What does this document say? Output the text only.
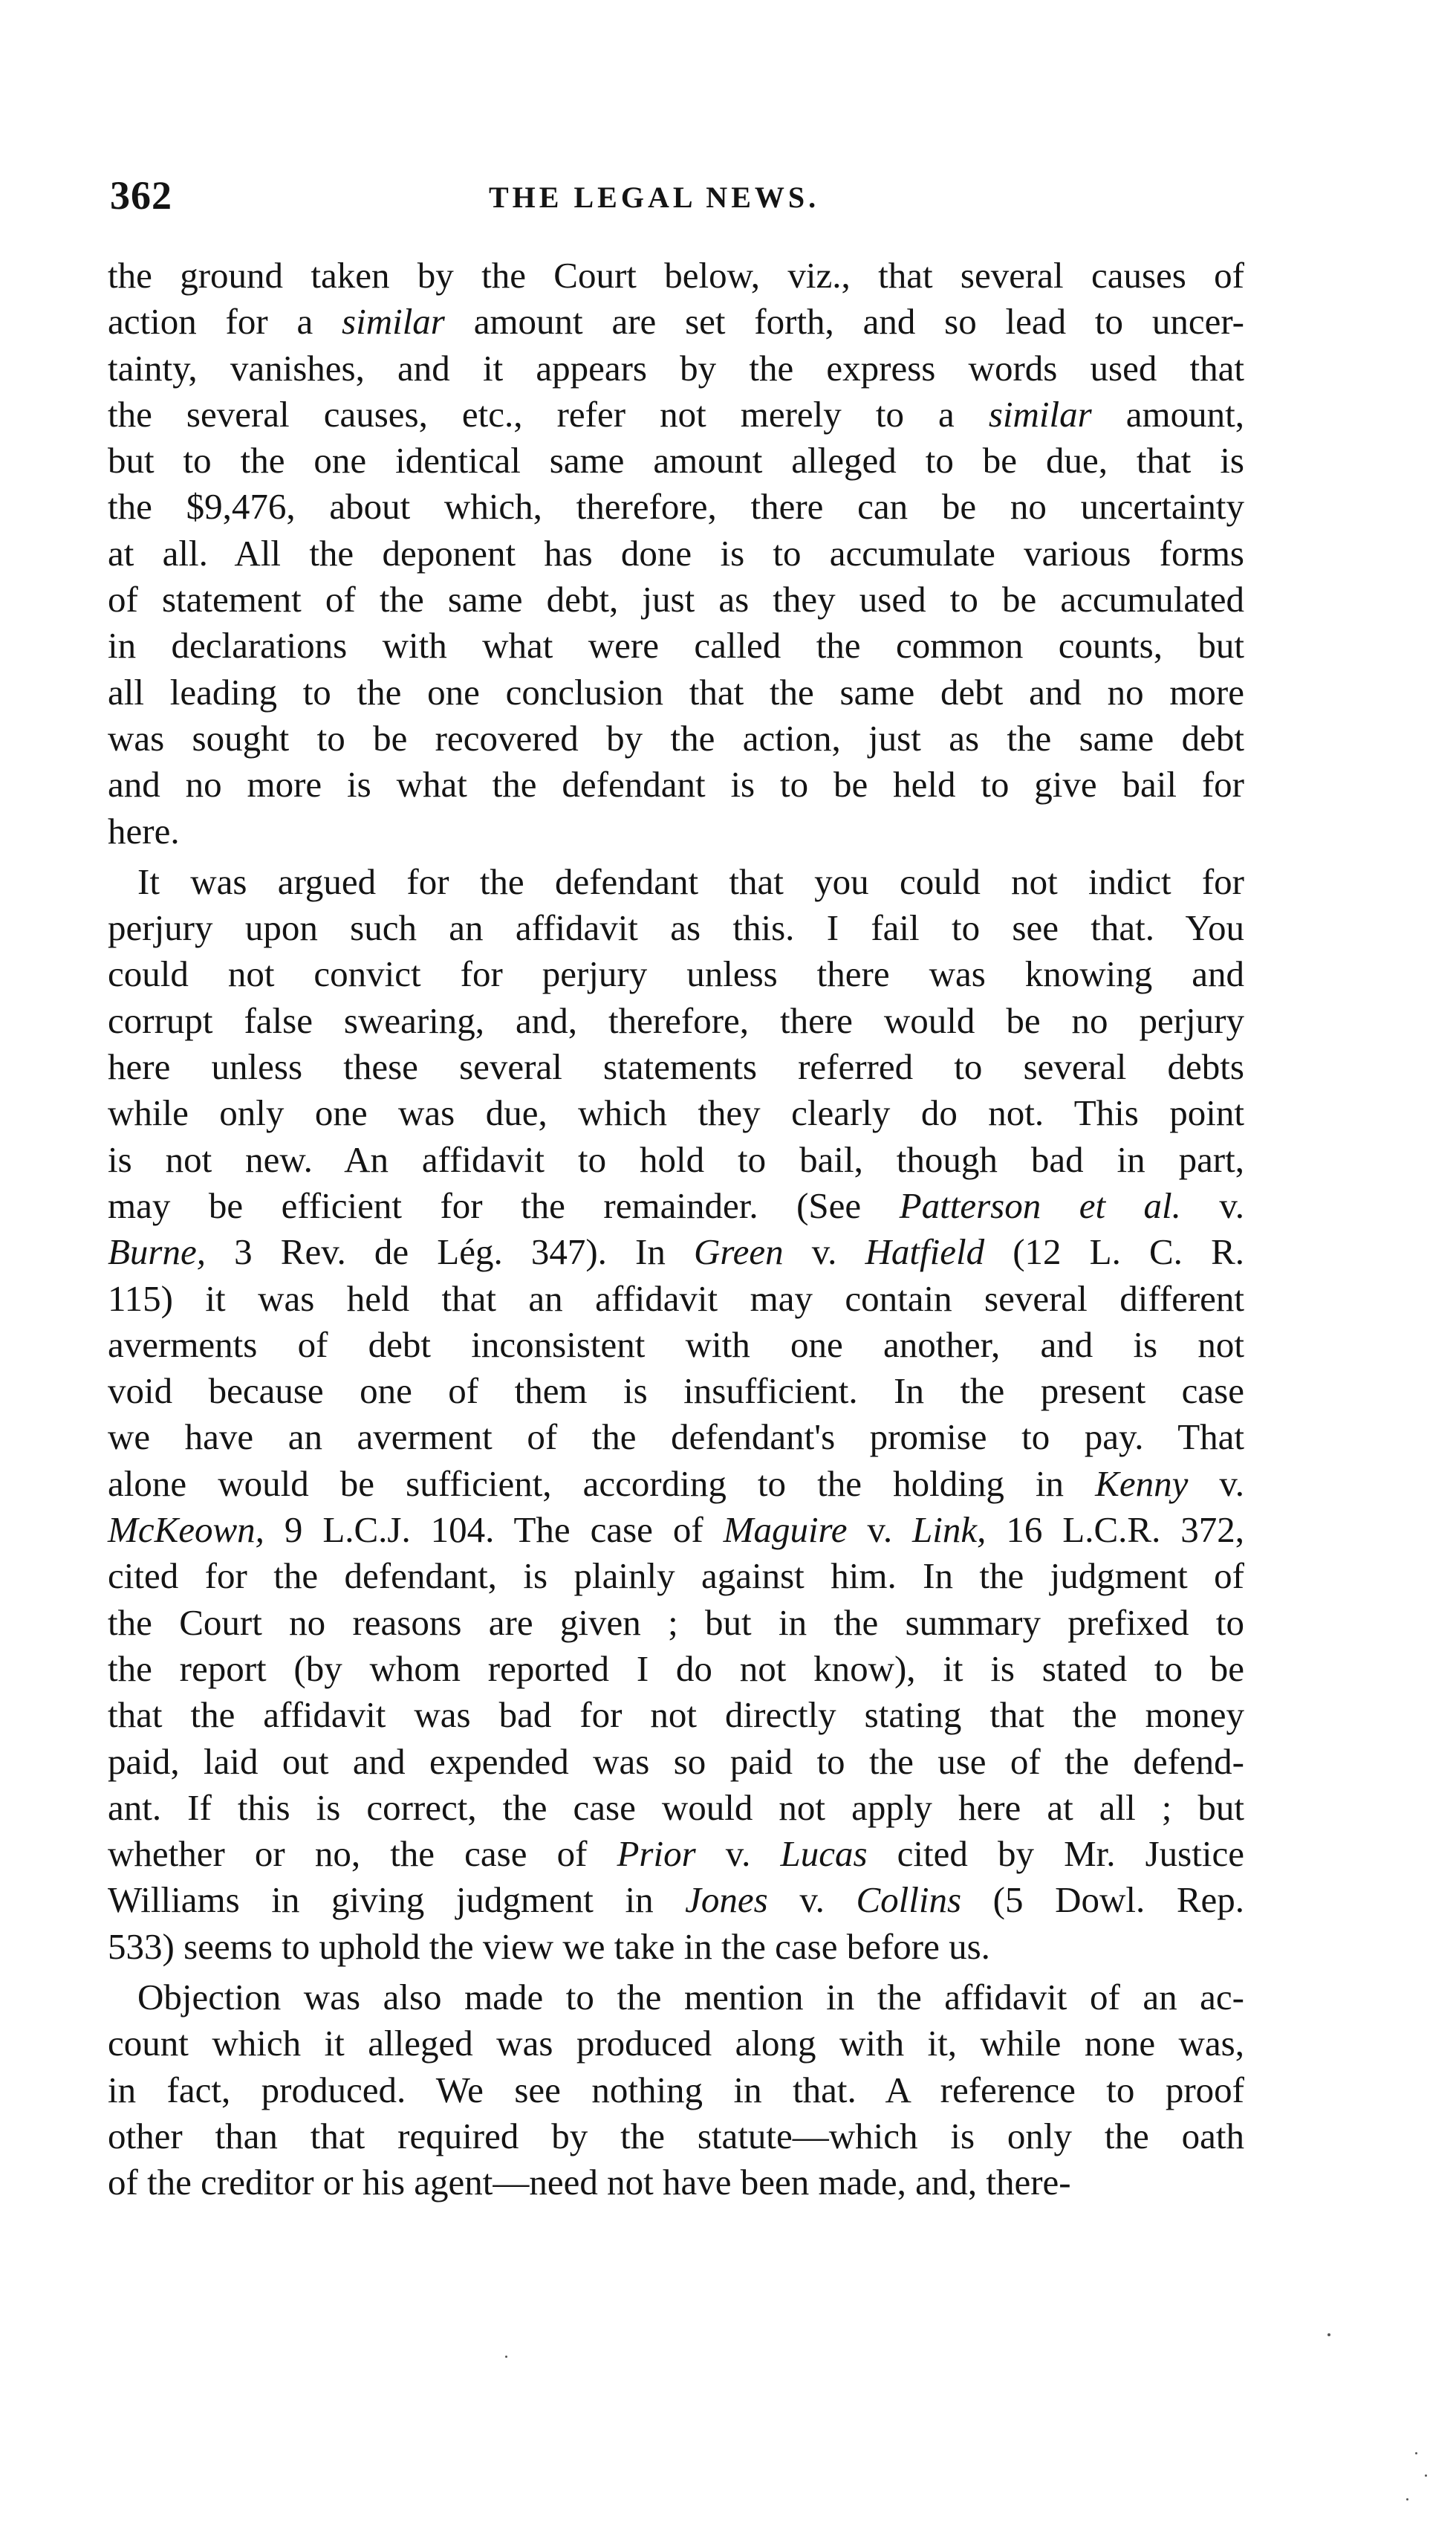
362	THE LEGAL NEWS.
the ground taken by the Court below, viz., that several causes of
action for a similar amount are set forth, and so lead to uncer-
tainty, vanishes, and it appears by the express words used that
the several causes, etc., refer not merely to a similar amount,
but to the one identical same amount alleged to be due, that is
the $9,476, about which, therefore, there can be no uncertainty
at all. All the deponent has done is to accumulate various forms
of statement of the same debt, just as they used to be accumulated
in declarations with what were called the common counts, but
all leading to the one conclusion that the same debt and no more
was sought to be recovered by the action, just as the same debt
and no more is what the defendant is to be held to give bail for
here.
It was argued for the defendant that you could not indict for
perjury upon such an affidavit as this. I fail to see that. You
could not convict for perjury unless there was knowing and
corrupt false swearing, and, therefore, there would be no perjury
here unless these several statements referred to several debts
while only one was due, which they clearly do not. This point
is not new. An affidavit to hold to bail, though bad in part,
may be efficient for the remainder. (See Patterson et al. v.
Burne, 3 Rev. de Lég. 347). In Green v. Hatfield (12 L. C. R.
115) it was held that an affidavit may contain several different
averments of debt inconsistent with one another, and is not
void because one of them is insufficient. In the present case
we have an averment of the defendant's promise to pay. That
alone would be sufficient, according to the holding in Kenny v.
McKeown, 9 L.C.J. 104. The case of Maguire v. Link, 16 L.C.R. 372,
cited for the defendant, is plainly against him. In the judgment of
the Court no reasons are given ; but in the summary prefixed to
the report (by whom reported I do not know), it is stated to be
that the affidavit was bad for not directly stating that the money
paid, laid out and expended was so paid to the use of the defend-
ant. If this is correct, the case would not apply here at all ; but
whether or no, the case of Prior v. Lucas cited by Mr. Justice
Williams in giving judgment in Jones v. Collins (5 Dowl. Rep.
533) seems to uphold the view we take in the case before us.
Objection was also made to the mention in the affidavit of an ac-
count which it alleged was produced along with it, while none was,
in fact, produced. We see nothing in that. A reference to proof
other than that required by the statute—which is only the oath
of the creditor or his agent—need not have been made, and, there-
